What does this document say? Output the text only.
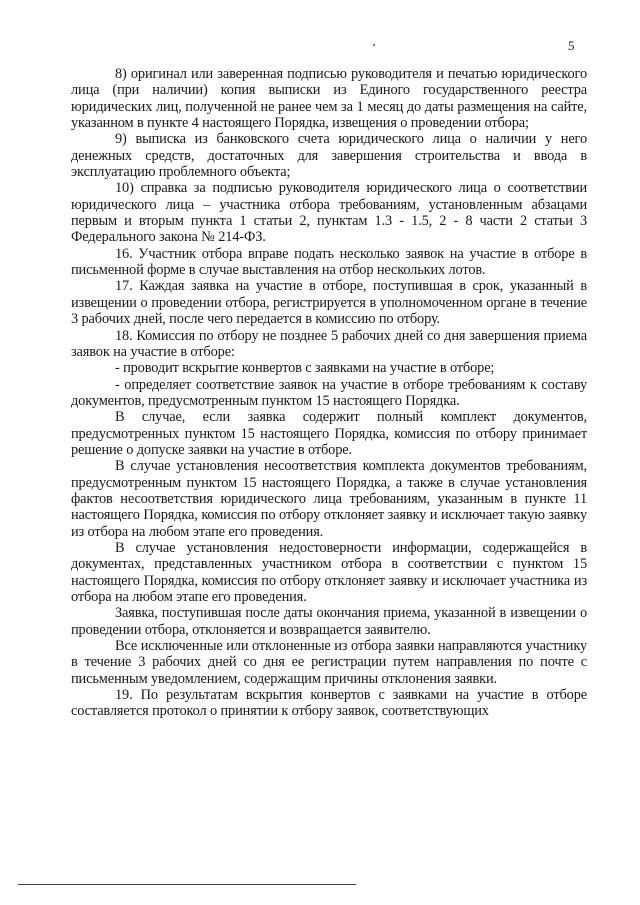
5

8) оригинал или заверенная подписью руководителя и печатью юридического лица (при наличии) копия выписки из Единого государственного реестра юридических лиц, полученной не ранее чем за 1 месяц до даты размещения на сайте, указанном в пункте 4 настоящего Порядка, извещения о проведении отбора;

9) выписка из банковского счета юридического лица о наличии у него денежных средств, достаточных для завершения строительства и ввода в эксплуатацию проблемного объекта;

10) справка за подписью руководителя юридического лица о соответствии юридического лица – участника отбора требованиям, установленным абзацами первым и вторым пункта 1 статьи 2, пунктам 1.3 - 1.5, 2 - 8 части 2 статьи 3 Федерального закона № 214-ФЗ.

16. Участник отбора вправе подать несколько заявок на участие в отборе в письменной форме в случае выставления на отбор нескольких лотов.

17. Каждая заявка на участие в отборе, поступившая в срок, указанный в извещении о проведении отбора, регистрируется в уполномоченном органе в течение 3 рабочих дней, после чего передается в комиссию по отбору.

18. Комиссия по отбору не позднее 5 рабочих дней со дня завершения приема заявок на участие в отборе:

- проводит вскрытие конвертов с заявками на участие в отборе;

- определяет соответствие заявок на участие в отборе требованиям к составу документов, предусмотренным пунктом 15 настоящего Порядка.

В случае, если заявка содержит полный комплект документов, предусмотренных пунктом 15 настоящего Порядка, комиссия по отбору принимает решение о допуске заявки на участие в отборе.

В случае установления несоответствия комплекта документов требованиям, предусмотренным пунктом 15 настоящего Порядка, а также в случае установления фактов несоответствия юридического лица требованиям, указанным в пункте 11 настоящего Порядка, комиссия по отбору отклоняет заявку и исключает такую заявку из отбора на любом этапе его проведения.

В случае установления недостоверности информации, содержащейся в документах, представленных участником отбора в соответствии с пунктом 15 настоящего Порядка, комиссия по отбору отклоняет заявку и исключает участника из отбора на любом этапе его проведения.

Заявка, поступившая после даты окончания приема, указанной в извещении о проведении отбора, отклоняется и возвращается заявителю.

Все исключенные или отклоненные из отбора заявки направляются участнику в течение 3 рабочих дней со дня ее регистрации путем направления по почте с письменным уведомлением, содержащим причины отклонения заявки.

19. По результатам вскрытия конвертов с заявками на участие в отборе составляется протокол о принятии к отбору заявок, соответствующих
